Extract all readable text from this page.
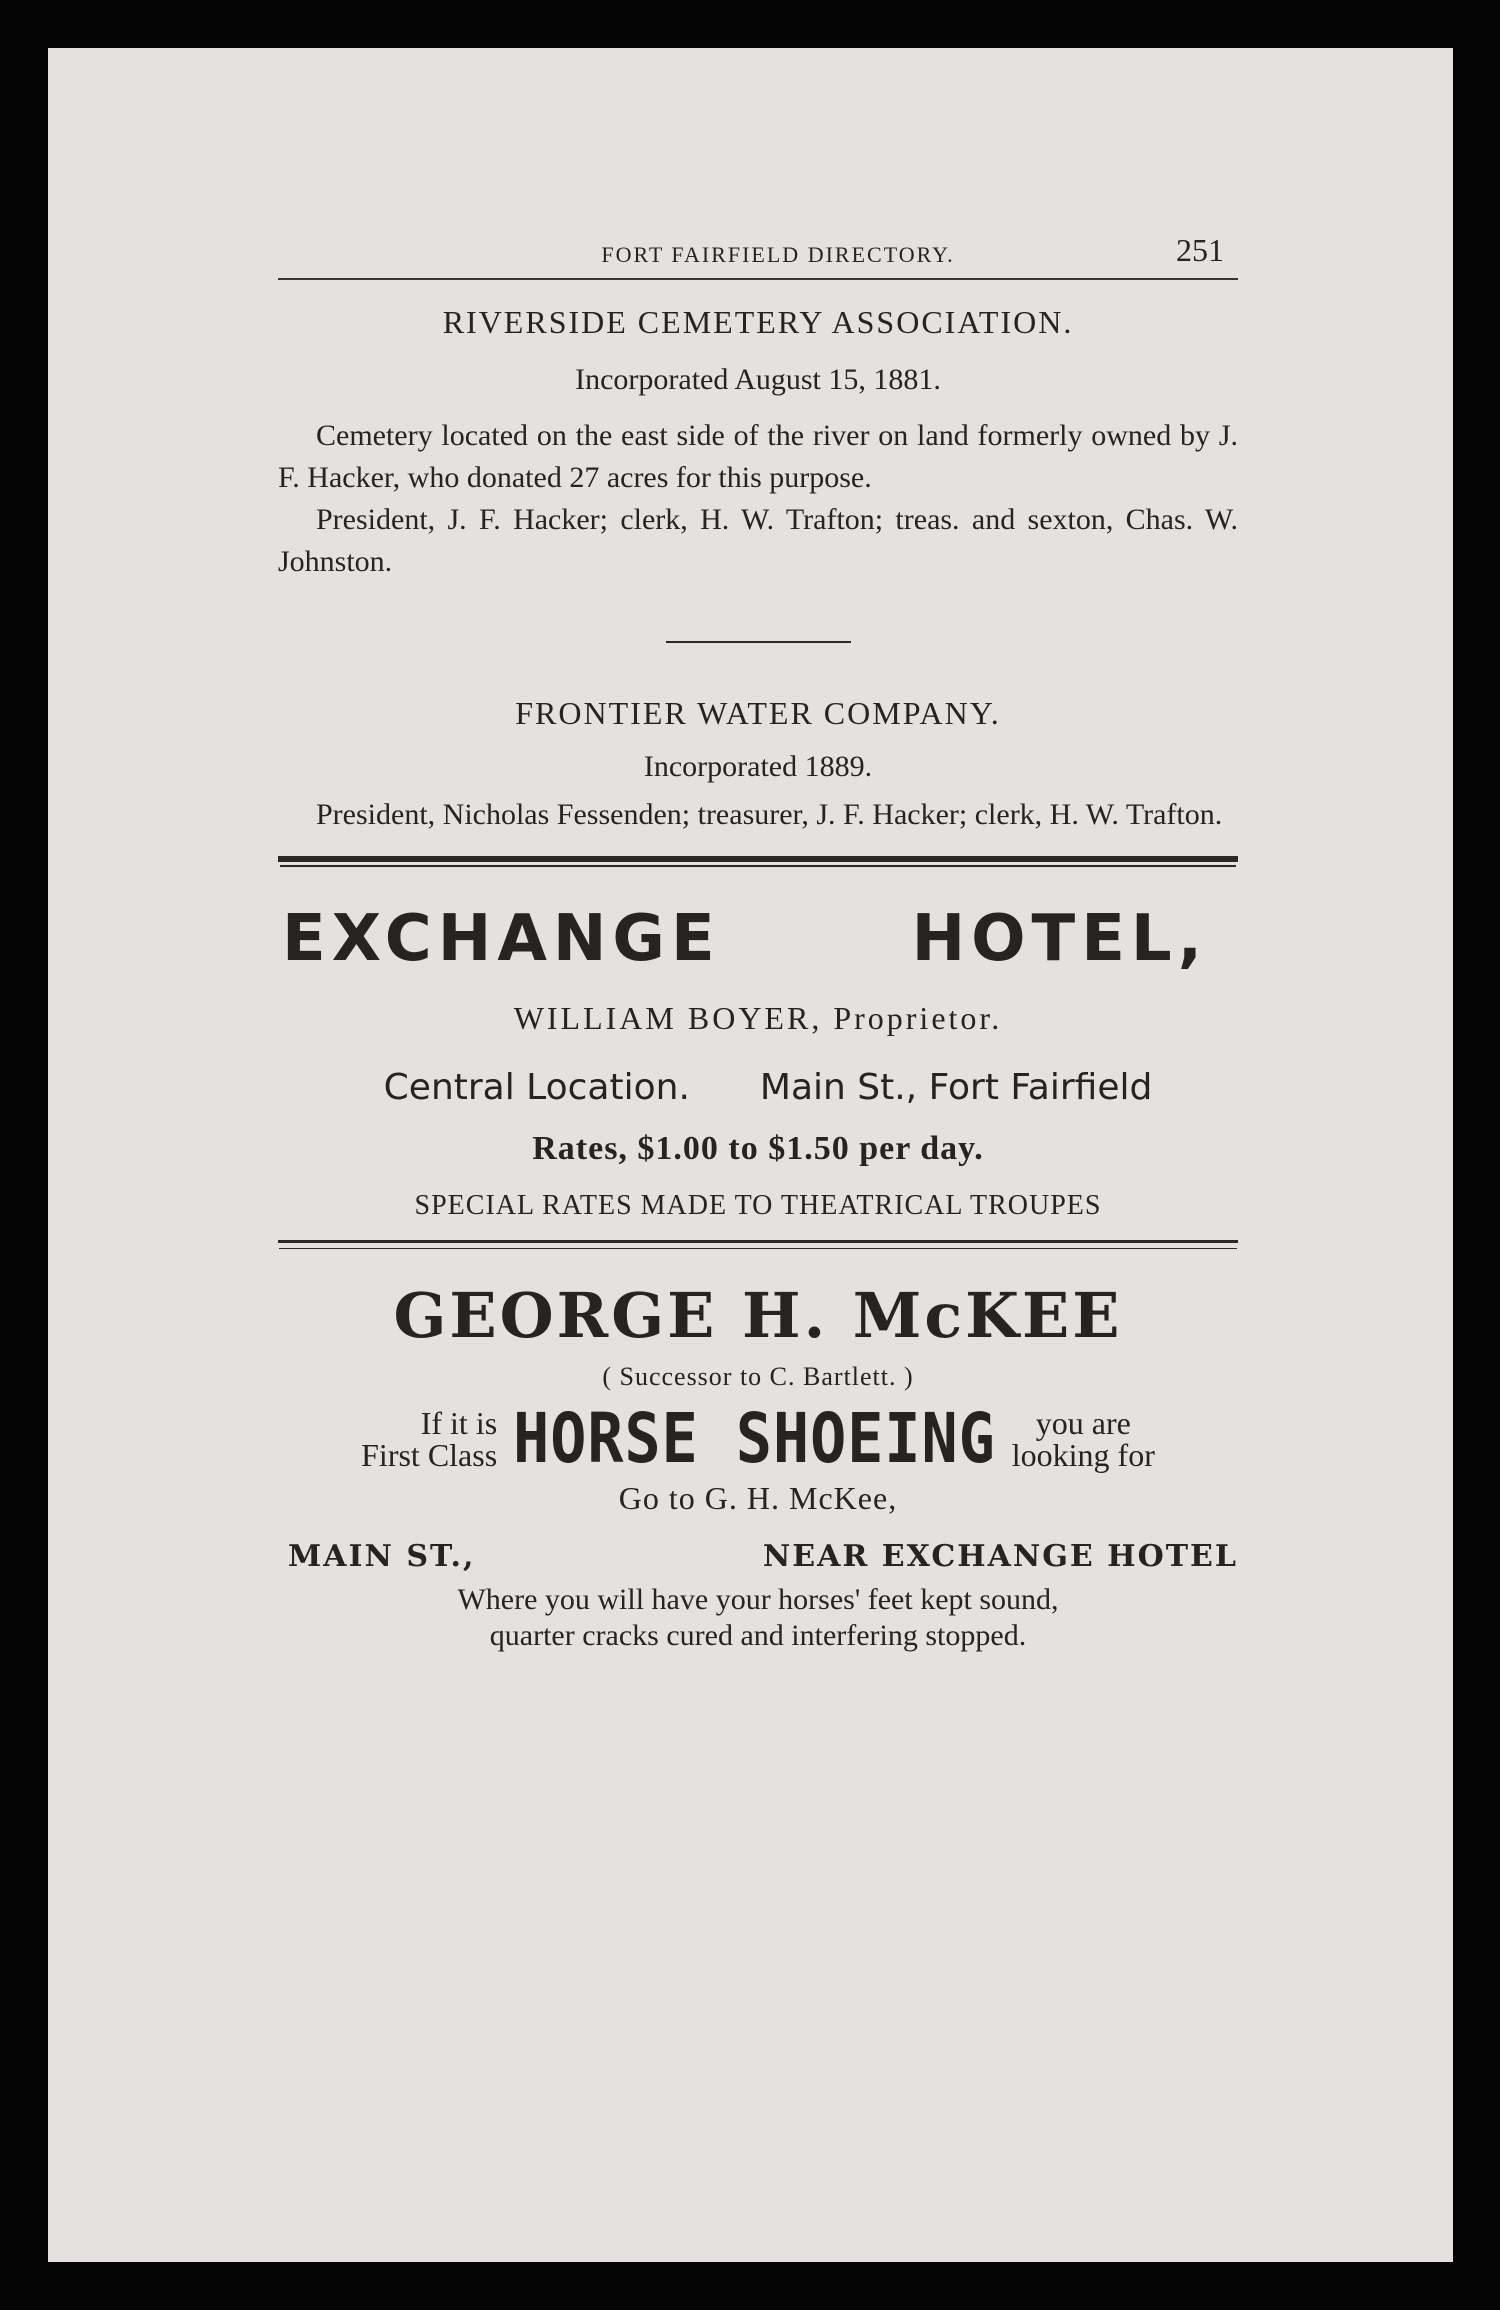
FORT FAIRFIELD DIRECTORY.	251
RIVERSIDE CEMETERY ASSOCIATION.
Incorporated August 15, 1881.

Cemetery located on the east side of the river on land formerly owned by J. F. Hacker, who donated 27 acres for this purpose.

President, J. F. Hacker; clerk, H. W. Trafton; treas. and sexton, Chas. W. Johnston.

FRONTIER WATER COMPANY.
Incorporated 1889.

President, Nicholas Fessenden; treasurer, J. F. Hacker; clerk, H. W. Trafton.

EXCHANGE	HOTEL,
WILLIAM BOYER, Proprietor.
Central Location. Main St., Fort Fairfield
Rates, $1.00 to $1.50 per day.
SPECIAL RATES MADE TO THEATRICAL TROUPES
GEORGE H. McKEE
( Successor to C. Bartlett. )
If it is
First Class HORSE SHOEING	you are
looking for
Go to G. H. McKee,
MAIN ST.,	NEAR EXCHANGE HOTEL
Where you will have your horses' feet kept sound,
quarter cracks cured and interfering stopped.
